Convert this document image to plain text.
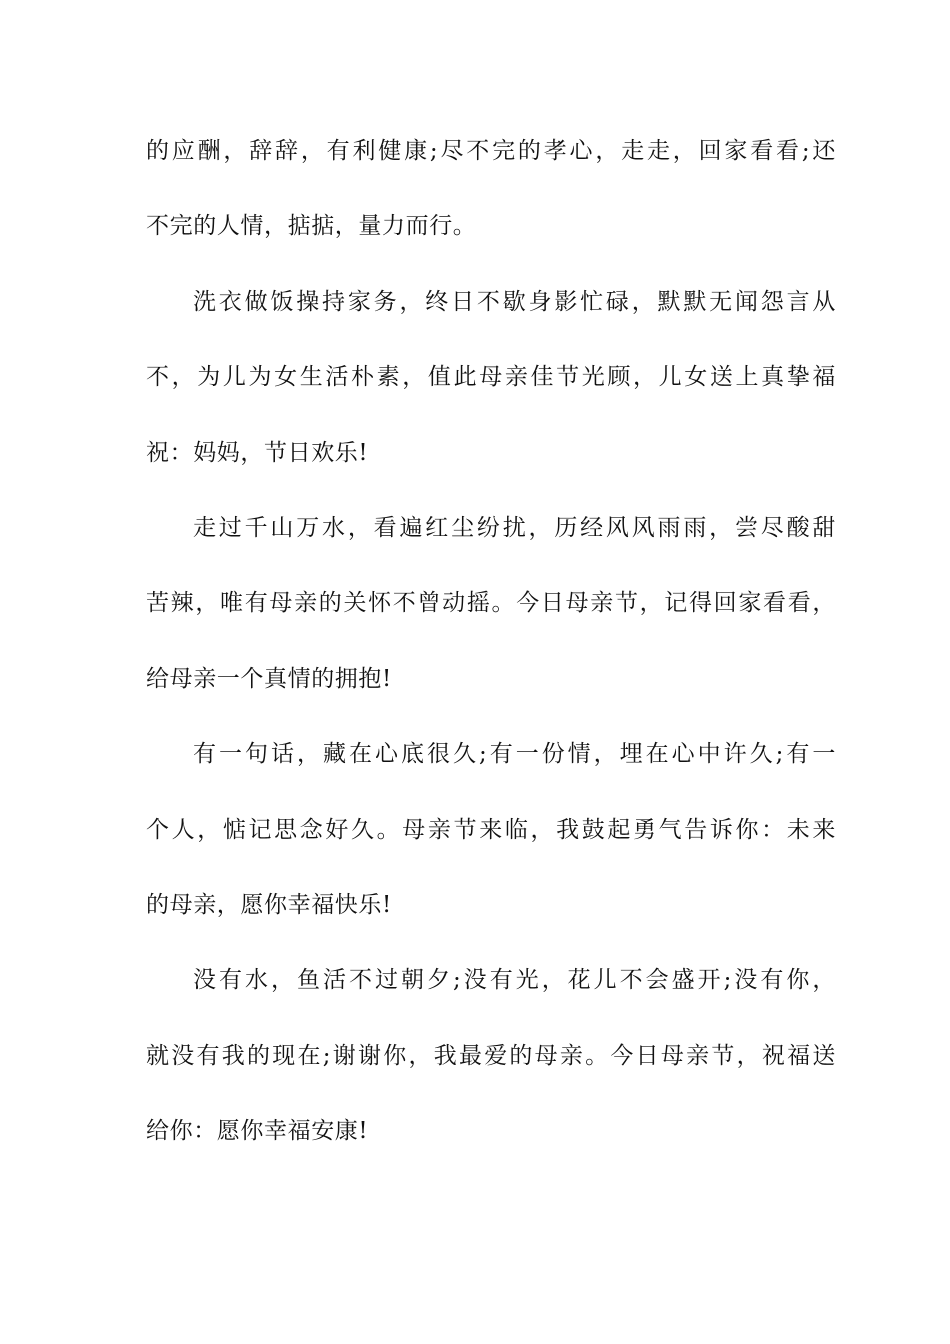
的应酬，辞辞，有利健康;尽不完的孝心，走走，回家看看;还
不完的人情，掂掂，量力而行。
洗衣做饭操持家务，终日不歇身影忙碌，默默无闻怨言从
不，为儿为女生活朴素，值此母亲佳节光顾，儿女送上真挚福
祝：妈妈，节日欢乐!
走过千山万水，看遍红尘纷扰，历经风风雨雨，尝尽酸甜
苦辣，唯有母亲的关怀不曾动摇。今日母亲节，记得回家看看，
给母亲一个真情的拥抱!
有一句话，藏在心底很久;有一份情，埋在心中许久;有一
个人，惦记思念好久。母亲节来临，我鼓起勇气告诉你：未来
的母亲，愿你幸福快乐!
没有水，鱼活不过朝夕;没有光，花儿不会盛开;没有你，
就没有我的现在;谢谢你，我最爱的母亲。今日母亲节，祝福送
给你：愿你幸福安康!
